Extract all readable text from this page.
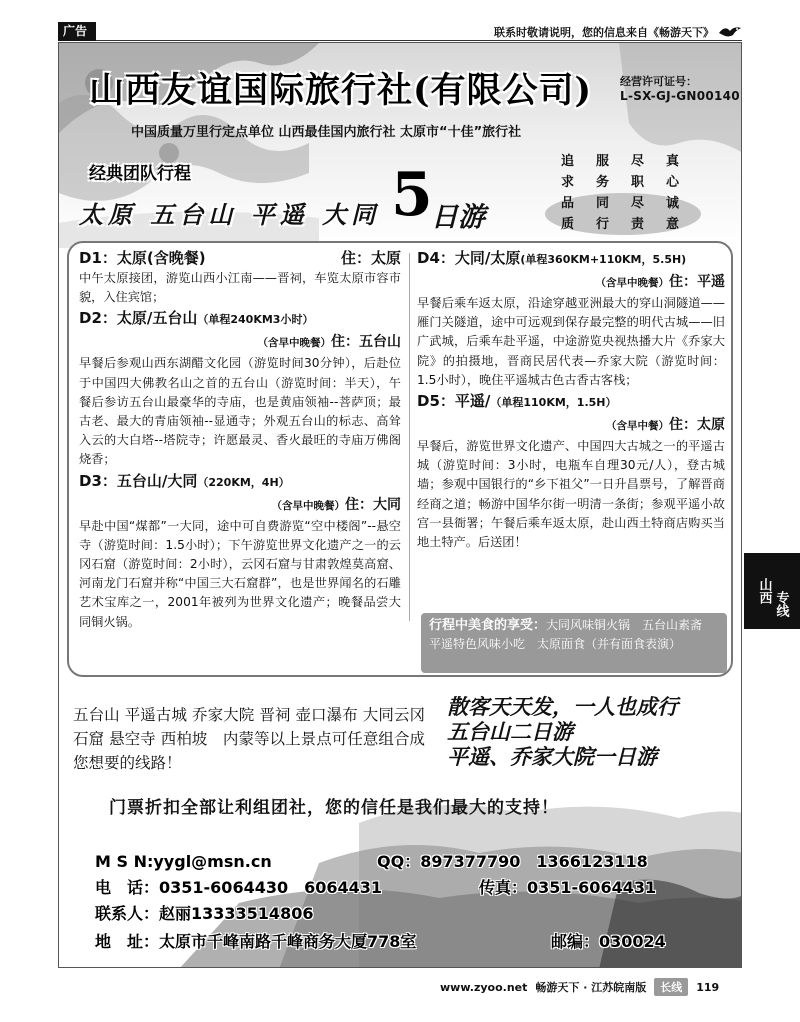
广告	联系时敬请说明，您的信息来自《畅游天下》
山西友谊国际旅行社(有限公司)	经营许可证号：
L-SX-GJ-GN00140
中国质量万里行定点单位 山西最佳国内旅行社 太原市“十佳”旅行社
经典团队行程
太原 五台山 平遥 大同 5
日游
追	服	尽	真
求	务	职	心
品	同	尽	诚
质	行	责	意
D1：太原(含晚餐)	住：太原

中午太原接团，游览山西小江南——晋祠，车览太原市容市貌，入住宾馆；

D2：太原/五台山（单程240KM3小时）
（含早中晚餐）住：五台山

早餐后参观山西东湖醋文化园（游览时间30分钟），后赴位于中国四大佛教名山之首的五台山（游览时间：半天），午餐后参访五台山最豪华的寺庙，也是黄庙领袖--菩萨顶；最古老、最大的青庙领袖--显通寺；外观五台山的标志、高耸入云的大白塔--塔院寺；许愿最灵、香火最旺的寺庙万佛阁烧香；

D3：五台山/大同（220KM，4H）
（含早中晚餐）住：大同

早赴中国“煤都”一大同，途中可自费游览“空中楼阁”--悬空寺（游览时间：1.5小时）；下午游览世界文化遗产之一的云冈石窟（游览时间：2小时），云冈石窟与甘肃敦煌莫高窟、河南龙门石窟并称“中国三大石窟群”，也是世界闻名的石雕艺术宝库之一，2001年被列为世界文化遗产；晚餐品尝大同铜火锅。

D4：大同/太原(单程360KM+110KM，5.5H)
（含早中晚餐）住：平遥

早餐后乘车返太原，沿途穿越亚洲最大的穿山洞隧道——雁门关隧道，途中可远观到保存最完整的明代古城——旧广武城，后乘车赴平遥，中途游览央视热播大片《乔家大院》的拍摄地，晋商民居代表—乔家大院（游览时间：1.5小时），晚住平遥城古色古香古客栈；

D5：平遥/（单程110KM，1.5H）
（含早中餐）住：太原

早餐后，游览世界文化遗产、中国四大古城之一的平遥古城（游览时间：3小时，电瓶车自理30元/人），登古城墙；参观中国银行的“乡下祖父”一日升昌票号，了解晋商经商之道；畅游中国华尔街一明清一条街；参观平遥小故宫一县衙署；午餐后乘车返太原，赴山西土特商店购买当地土特产。后送团！

行程中美食的享受：大同风味铜火锅　五台山素斋　平遥特色风味小吃　太原面食（并有面食表演）
五台山 平遥古城 乔家大院 晋祠 壶口瀑布 大同云冈石窟 悬空寺 西柏坡　内蒙等以上景点可任意组合成您想要的线路！
散客天天发，一人也成行
五台山二日游
平遥、乔家大院一日游
门票折扣全部让利组团社，您的信任是我们最大的支持！
M S N:yygl@msn.cn	QQ：897377790　1366123118
电　话：0351-6064430　6064431	传真：0351-6064431
联系人：赵丽13333514806
地　址：太原市千峰南路千峰商务大厦778室	邮编：030024
山西 专线
www.zyoo.net 畅游天下 · 江苏皖南版	长线	119
